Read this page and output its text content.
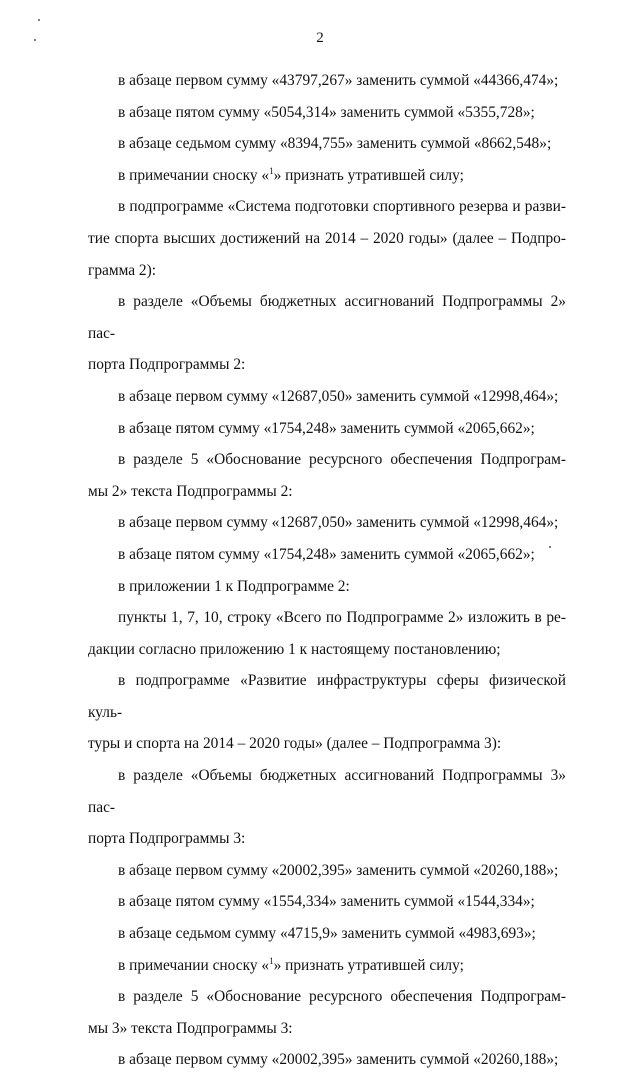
2
в абзаце первом сумму «43797,267» заменить суммой «44366,474»;
в абзаце пятом сумму «5054,314» заменить суммой «5355,728»;
в абзаце седьмом сумму «8394,755» заменить суммой «8662,548»;
в примечании сноску «$^1$» признать утратившей силу;
в подпрограмме «Система подготовки спортивного резерва и разви-
тие спорта высших достижений на 2014 – 2020 годы» (далее – Подпро-
грамма 2):
в разделе «Объемы бюджетных ассигнований Подпрограммы 2» пас-
порта Подпрограммы 2:
в абзаце первом сумму «12687,050» заменить суммой «12998,464»;
в абзаце пятом сумму «1754,248» заменить суммой «2065,662»;
в разделе 5 «Обоснование ресурсного обеспечения Подпрограм-
мы 2» текста Подпрограммы 2:
в абзаце первом сумму «12687,050» заменить суммой «12998,464»;
в абзаце пятом сумму «1754,248» заменить суммой «2065,662»;
в приложении 1 к Подпрограмме 2:
пункты 1, 7, 10, строку «Всего по Подпрограмме 2» изложить в ре-
дакции согласно приложению 1 к настоящему постановлению;
в подпрограмме «Развитие инфраструктуры сферы физической куль-
туры и спорта на 2014 – 2020 годы» (далее – Подпрограмма 3):
в разделе «Объемы бюджетных ассигнований Подпрограммы 3» пас-
порта Подпрограммы 3:
в абзаце первом сумму «20002,395» заменить суммой «20260,188»;
в абзаце пятом сумму «1554,334» заменить суммой «1544,334»;
в абзаце седьмом сумму «4715,9» заменить суммой «4983,693»;
в примечании сноску «$^1$» признать утратившей силу;
в разделе 5 «Обоснование ресурсного обеспечения Подпрограм-
мы 3» текста Подпрограммы 3:
в абзаце первом сумму «20002,395» заменить суммой «20260,188»;
